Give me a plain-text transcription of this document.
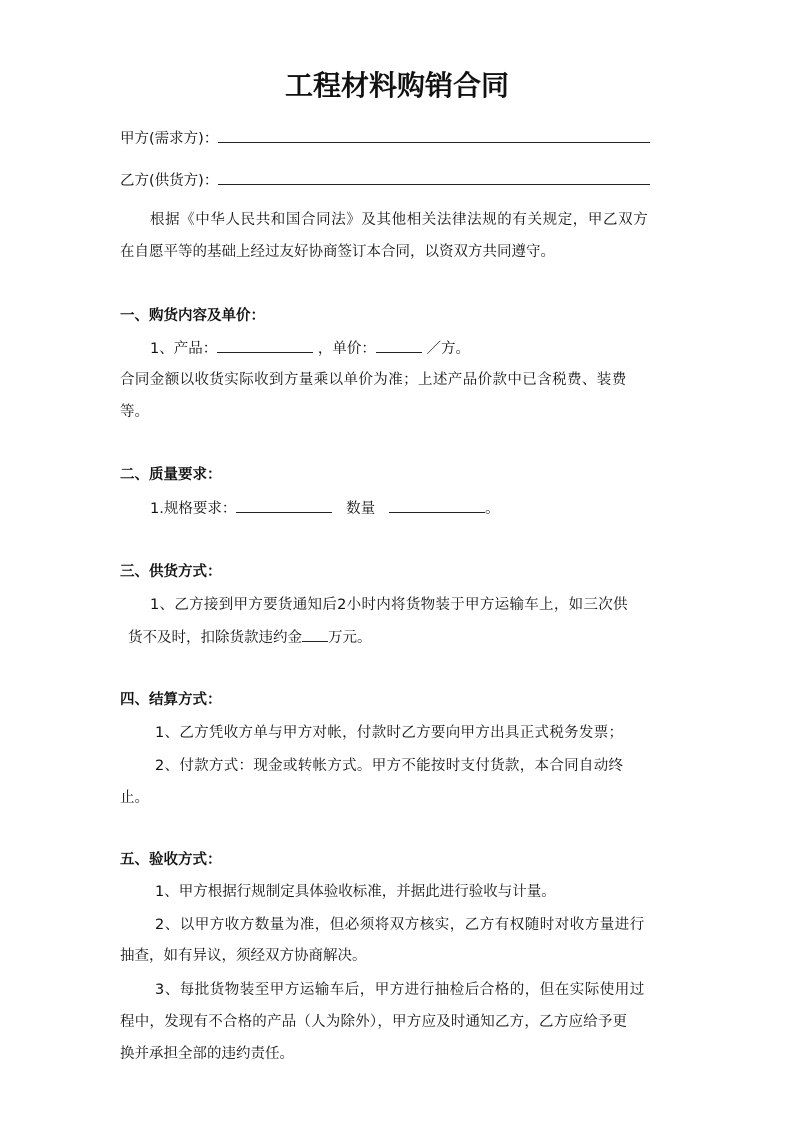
工程材料购销合同
甲方(需求方)：
乙方(供货方)：
根据《中华人民共和国合同法》及其他相关法律法规的有关规定，甲乙双方
在自愿平等的基础上经过友好协商签订本合同，以资双方共同遵守。
一、购货内容及单价：
1、产品：	，单价：	／方。
合同金额以收货实际收到方量乘以单价为准；上述产品价款中已含税费、装费
等。
二、质量要求：
1.规格要求：	数量	。
三、供货方式：
1、乙方接到甲方要货通知后2小时内将货物装于甲方运输车上，如三次供
货不及时，扣除货款违约金 万元。
四、结算方式：
1、乙方凭收方单与甲方对帐，付款时乙方要向甲方出具正式税务发票；
2、付款方式：现金或转帐方式。甲方不能按时支付货款，本合同自动终
止。
五、验收方式：
1、甲方根据行规制定具体验收标准，并据此进行验收与计量。
2、以甲方收方数量为准，但必须将双方核实，乙方有权随时对收方量进行
抽查，如有异议，须经双方协商解决。
3、每批货物装至甲方运输车后，甲方进行抽检后合格的，但在实际使用过
程中，发现有不合格的产品（人为除外），甲方应及时通知乙方，乙方应给予更
换并承担全部的违约责任。
